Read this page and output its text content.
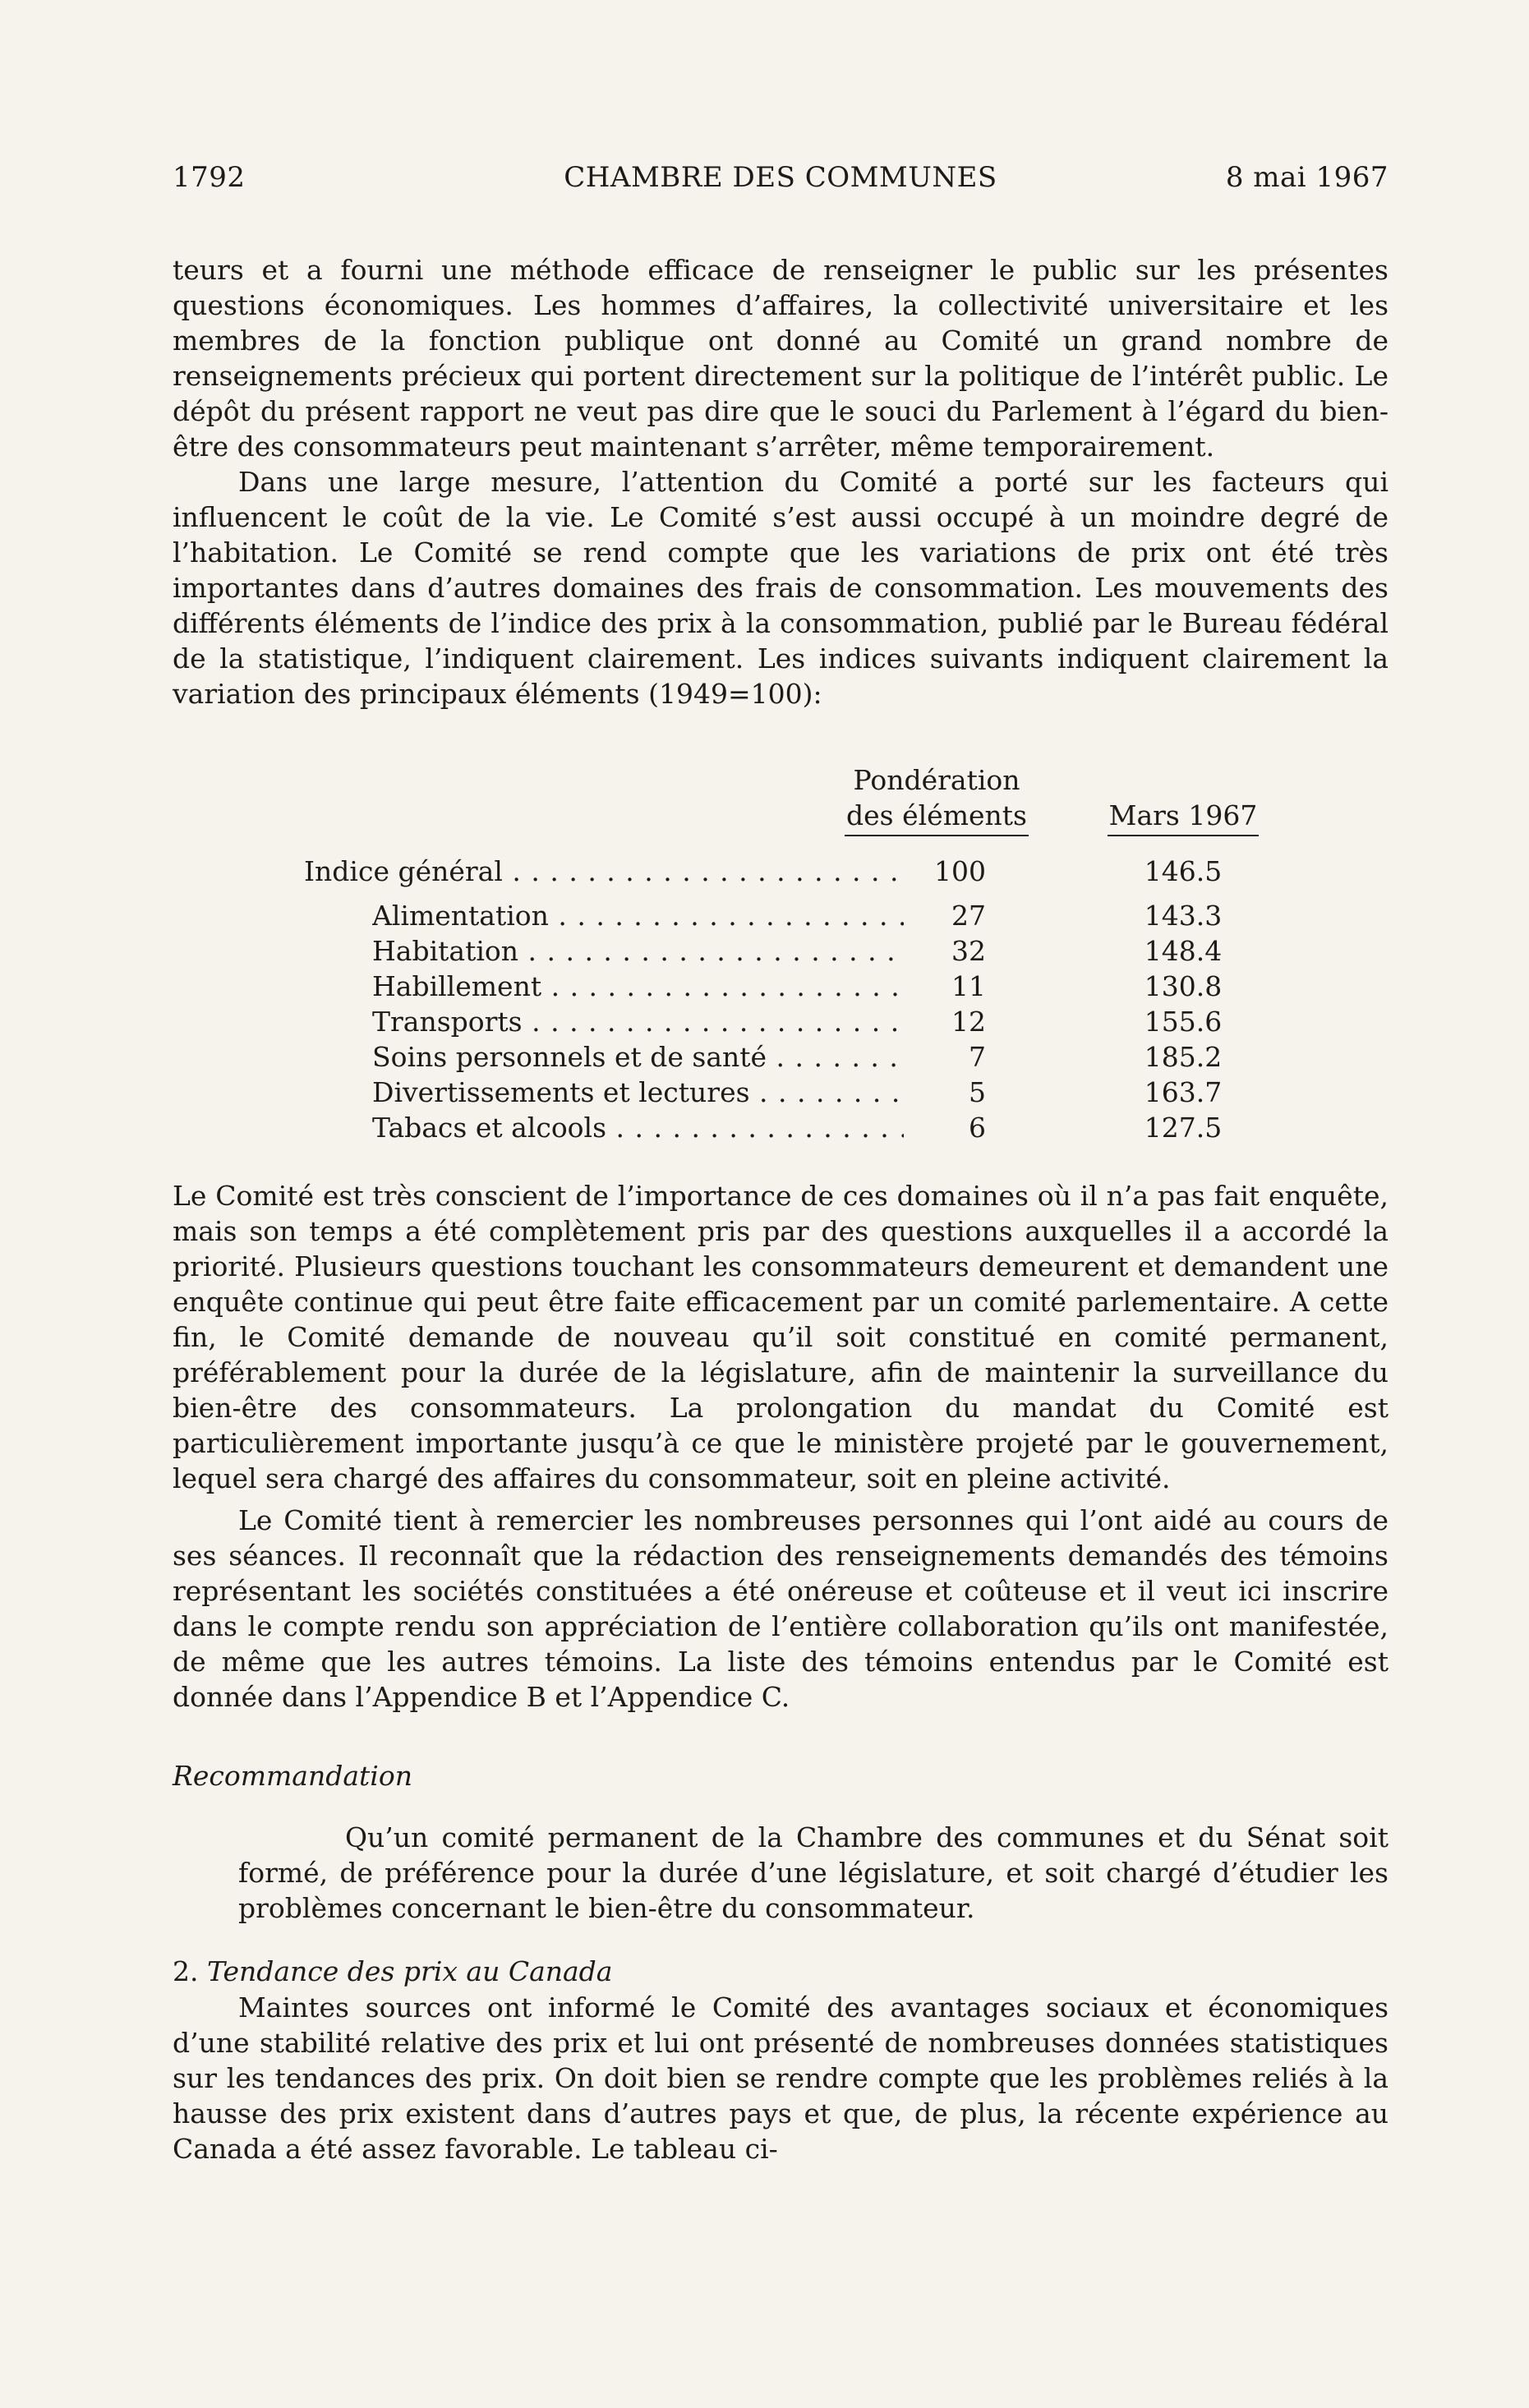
1792	CHAMBRE DES COMMUNES	8 mai 1967

teurs et a fourni une méthode efficace de renseigner le public sur les présentes questions économiques. Les hommes d’affaires, la collectivité universitaire et les membres de la fonction publique ont donné au Comité un grand nombre de renseignements précieux qui portent directement sur la politique de l’intérêt public. Le dépôt du présent rapport ne veut pas dire que le souci du Parlement à l’égard du bien-être des consommateurs peut maintenant s’arrêter, même temporairement.

Dans une large mesure, l’attention du Comité a porté sur les facteurs qui influencent le coût de la vie. Le Comité s’est aussi occupé à un moindre degré de l’habitation. Le Comité se rend compte que les variations de prix ont été très importantes dans d’autres domaines des frais de consommation. Les mouvements des différents éléments de l’indice des prix à la consommation, publié par le Bureau fédéral de la statistique, l’indiquent clairement. Les indices suivants indiquent clairement la variation des principaux éléments (1949=100):

Pondération
des éléments	Mars 1967
Indice général . . .	100	146.5
Alimentation . . .	27	143.3
Habitation . . .	32	148.4
Habillement . . .	11	130.8
Transports . . .	12	155.6
Soins personnels et de santé . . .	7	185.2
Divertissements et lectures . . .	5	163.7
Tabacs et alcools . . .	6	127.5

Le Comité est très conscient de l’importance de ces domaines où il n’a pas fait enquête, mais son temps a été complètement pris par des questions auxquelles il a accordé la priorité. Plusieurs questions touchant les consommateurs demeurent et demandent une enquête continue qui peut être faite efficacement par un comité parlementaire. A cette fin, le Comité demande de nouveau qu’il soit constitué en comité permanent, préférablement pour la durée de la législature, afin de maintenir la surveillance du bien-être des consommateurs. La prolongation du mandat du Comité est particulièrement importante jusqu’à ce que le ministère projeté par le gouvernement, lequel sera chargé des affaires du consommateur, soit en pleine activité.

Le Comité tient à remercier les nombreuses personnes qui l’ont aidé au cours de ses séances. Il reconnaît que la rédaction des renseignements demandés des témoins représentant les sociétés constituées a été onéreuse et coûteuse et il veut ici inscrire dans le compte rendu son appréciation de l’entière collaboration qu’ils ont manifestée, de même que les autres témoins. La liste des témoins entendus par le Comité est donnée dans l’Appendice B et l’Appendice C.

Recommandation

Qu’un comité permanent de la Chambre des communes et du Sénat soit formé, de préférence pour la durée d’une législature, et soit chargé d’étudier les problèmes concernant le bien-être du consommateur.

2. Tendance des prix au Canada

Maintes sources ont informé le Comité des avantages sociaux et économiques d’une stabilité relative des prix et lui ont présenté de nombreuses données statistiques sur les tendances des prix. On doit bien se rendre compte que les problèmes reliés à la hausse des prix existent dans d’autres pays et que, de plus, la récente expérience au Canada a été assez favorable. Le tableau ci-
